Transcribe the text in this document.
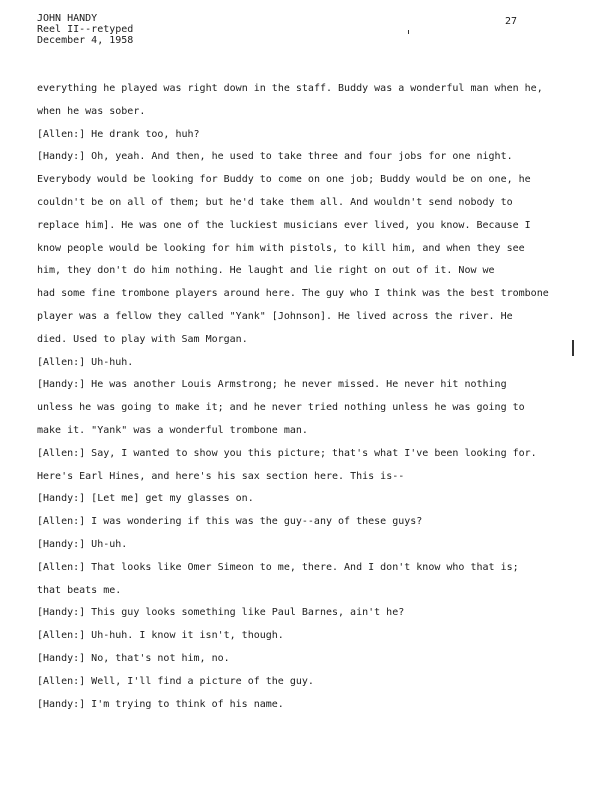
JOHN HANDY
Reel II--retyped
December 4, 1958
27
everything he played was right down in the staff. Buddy was a wonderful man when he,
when he was sober.
[Allen:] He drank too, huh?
[Handy:] Oh, yeah. And then, he used to take three and four jobs for one night.
Everybody would be looking for Buddy to come on one job; Buddy would be on one, he
couldn't be on all of them; but he'd take them all. And wouldn't send nobody to
replace him]. He was one of the luckiest musicians ever lived, you know. Because I
know people would be looking for him with pistols, to kill him, and when they see
him, they don't do him nothing. He laught and lie right on out of it. Now we
had some fine trombone players around here. The guy who I think was the best trombone
player was a fellow they called "Yank" [Johnson]. He lived across the river. He
died. Used to play with Sam Morgan.
[Allen:] Uh-huh.
[Handy:] He was another Louis Armstrong; he never missed. He never hit nothing
unless he was going to make it; and he never tried nothing unless he was going to
make it. "Yank" was a wonderful trombone man.
[Allen:] Say, I wanted to show you this picture; that's what I've been looking for.
Here's Earl Hines, and here's his sax section here. This is--
[Handy:] [Let me] get my glasses on.
[Allen:] I was wondering if this was the guy--any of these guys?
[Handy:] Uh-uh.
[Allen:] That looks like Omer Simeon to me, there. And I don't know who that is;
that beats me.
[Handy:] This guy looks something like Paul Barnes, ain't he?
[Allen:] Uh-huh. I know it isn't, though.
[Handy:] No, that's not him, no.
[Allen:] Well, I'll find a picture of the guy.
[Handy:] I'm trying to think of his name.
